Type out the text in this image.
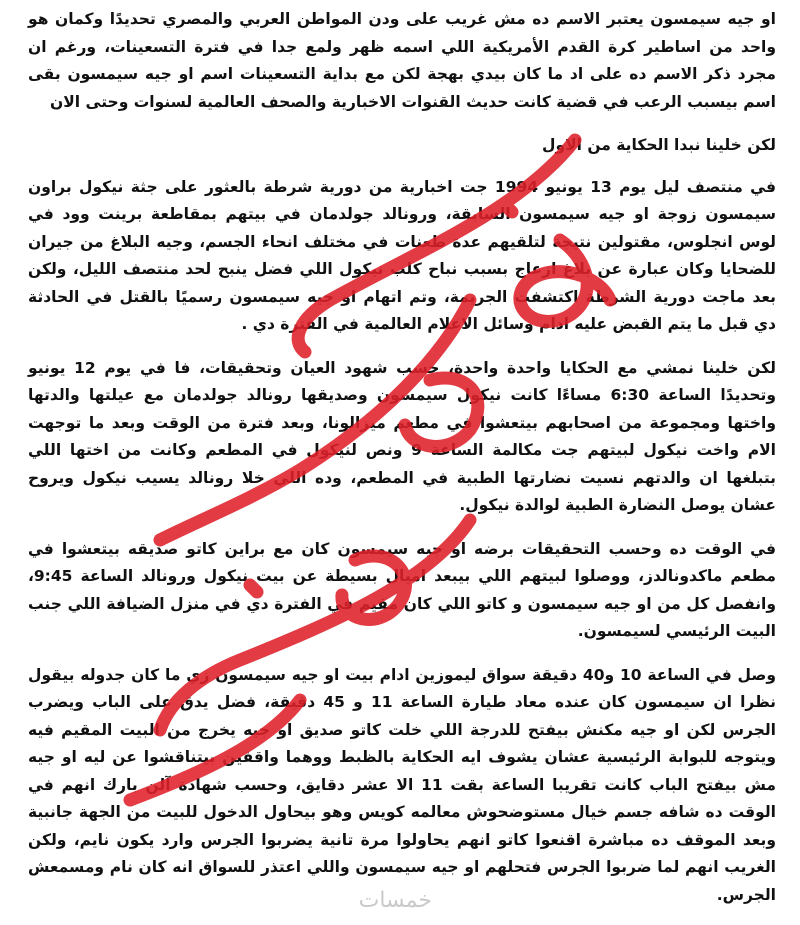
او جيه سيمسون يعتبر الاسم ده مش غريب على ودن المواطن العربي والمصري تحديدًا وكمان هو واحد من اساطير كرة القدم الأمريكية اللي اسمه ظهر ولمع جدا في فترة التسعينات، ورغم ان مجرد ذكر الاسم ده على اد ما كان بيدي بهجة لكن مع بداية التسعينات اسم او جيه سيمسون بقى اسم بيسبب الرعب في قضية كانت حديث القنوات الاخبارية والصحف العالمية لسنوات وحتى الان

لكن خلينا نبدا الحكاية من الاول

في منتصف ليل يوم 13 يونيو 1994 جت اخبارية من دورية شرطة بالعثور على جثة نيكول براون سيمسون زوجة او جيه سيمسون السابقة، ورونالد جولدمان في بيتهم بمقاطعة برينت وود في لوس انجلوس، مقتولين نتيجة لتلقيهم عدة طعنات في مختلف انحاء الجسم، وجيه البلاغ من جيران للضحايا وكان عبارة عن بلاغ ازعاج بسبب نباح كلب نيكول اللي فضل ينبح لحد منتصف الليل، ولكن بعد ماجت دورية الشرطة اكتشفت الجريمة، وتم اتهام او جيه سيمسون رسميًا بالقتل في الحادثة دي قبل ما يتم القبض عليه ادام وسائل الاعلام العالمية في الفترة دي .

لكن خلينا نمشي مع الحكايا واحدة واحدة، حسب شهود العيان وتحقيقات، فا في يوم 12 يونيو وتحديدًا الساعة 6:30 مساءًا كانت نيكول سيمسون وصديقها رونالد جولدمان مع عيلتها والدتها واختها ومجموعة من اصحابهم بيتعشوا في مطعم ميزالونا، وبعد فترة من الوقت وبعد ما توجهت الام واخت نيكول لبيتهم جت مكالمة الساعة 9 ونص لنيكول في المطعم وكانت من اختها اللي بتبلغها ان والدتهم نسيت نضارتها الطبية في المطعم، وده اللي خلا رونالد يسيب نيكول ويروح عشان يوصل النضارة الطبية لوالدة نيكول.

في الوقت ده وحسب التحقيقات برضه او جيه سيمسون كان مع براين كاتو صديقه بيتعشوا في مطعم ماكدونالدز، ووصلوا لبيتهم اللي بيبعد اميال بسيطة عن بيت نيكول ورونالد الساعة 9:45، وانفصل كل من او جيه سيمسون و كاتو اللي كان مقيم في الفترة دي في منزل الضيافة اللي جنب البيت الرئيسي لسيمسون.

وصل في الساعة 10 و40 دقيقة سواق ليموزين ادام بيت او جيه سيمسون زي ما كان جدوله بيقول نظرا ان سيمسون كان عنده معاد طيارة الساعة 11 و 45 دقيقة، فضل يدق على الباب ويضرب الجرس لكن او جيه مكنش بيفتح للدرجة اللي خلت كاتو صديق او جيه يخرج من البيت المقيم فيه ويتوجه للبوابة الرئيسية عشان يشوف ايه الحكاية بالظبط ووهما واقفين بيتناقشوا عن ليه او جيه مش بيفتح الباب كانت تقريبا الساعة بقت 11 الا عشر دقايق، وحسب شهادة آلن بارك انهم في الوقت ده شافه جسم خيال مستوضحوش معالمه كويس وهو بيحاول الدخول للبيت من الجهة جانبية وبعد الموقف ده مباشرة اقنعوا كاتو انهم يحاولوا مرة تانية يضربوا الجرس وارد يكون نايم، ولكن الغريب انهم لما ضربوا الجرس فتحلهم او جيه سيمسون واللي اعتذر للسواق انه كان نام ومسمعش الجرس.

خمسات
